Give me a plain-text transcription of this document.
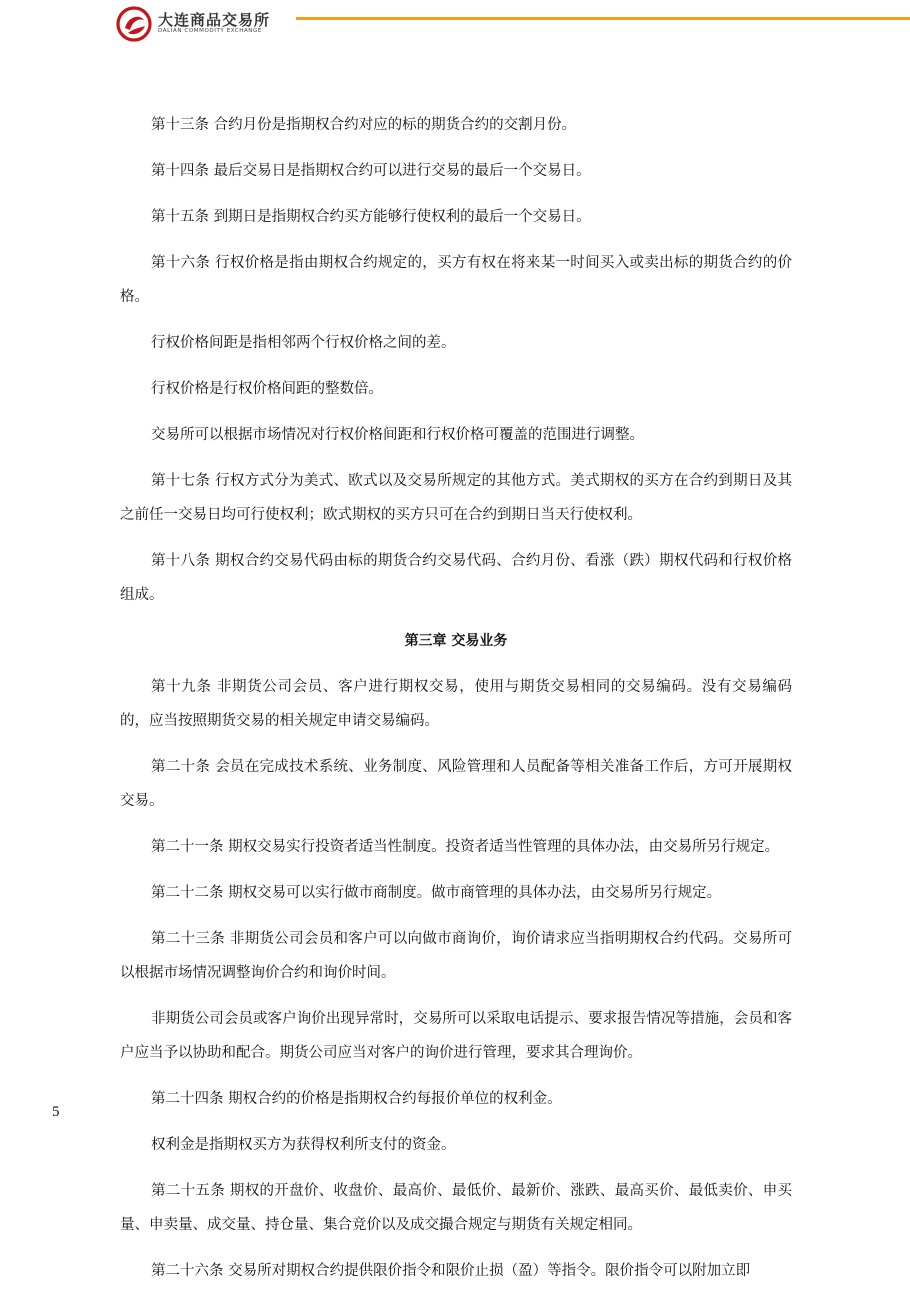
大连商品交易所
DALIAN COMMODITY EXCHANGE

第十三条 合约月份是指期权合约对应的标的期货合约的交割月份。

第十四条 最后交易日是指期权合约可以进行交易的最后一个交易日。

第十五条 到期日是指期权合约买方能够行使权利的最后一个交易日。

第十六条 行权价格是指由期权合约规定的，买方有权在将来某一时间买入或卖出标的期货合约的价格。

行权价格间距是指相邻两个行权价格之间的差。

行权价格是行权价格间距的整数倍。

交易所可以根据市场情况对行权价格间距和行权价格可覆盖的范围进行调整。

第十七条 行权方式分为美式、欧式以及交易所规定的其他方式。美式期权的买方在合约到期日及其之前任一交易日均可行使权利；欧式期权的买方只可在合约到期日当天行使权利。

第十八条 期权合约交易代码由标的期货合约交易代码、合约月份、看涨（跌）期权代码和行权价格组成。

第三章 交易业务

第十九条 非期货公司会员、客户进行期权交易，使用与期货交易相同的交易编码。没有交易编码的，应当按照期货交易的相关规定申请交易编码。

第二十条 会员在完成技术系统、业务制度、风险管理和人员配备等相关准备工作后，方可开展期权交易。

第二十一条 期权交易实行投资者适当性制度。投资者适当性管理的具体办法，由交易所另行规定。

第二十二条 期权交易可以实行做市商制度。做市商管理的具体办法，由交易所另行规定。

第二十三条 非期货公司会员和客户可以向做市商询价，询价请求应当指明期权合约代码。交易所可以根据市场情况调整询价合约和询价时间。

非期货公司会员或客户询价出现异常时，交易所可以采取电话提示、要求报告情况等措施，会员和客户应当予以协助和配合。期货公司应当对客户的询价进行管理，要求其合理询价。

第二十四条 期权合约的价格是指期权合约每报价单位的权利金。

权利金是指期权买方为获得权利所支付的资金。

第二十五条 期权的开盘价、收盘价、最高价、最低价、最新价、涨跌、最高买价、最低卖价、申买量、申卖量、成交量、持仓量、集合竞价以及成交撮合规定与期货有关规定相同。

第二十六条 交易所对期权合约提供限价指令和限价止损（盈）等指令。限价指令可以附加立即

5
